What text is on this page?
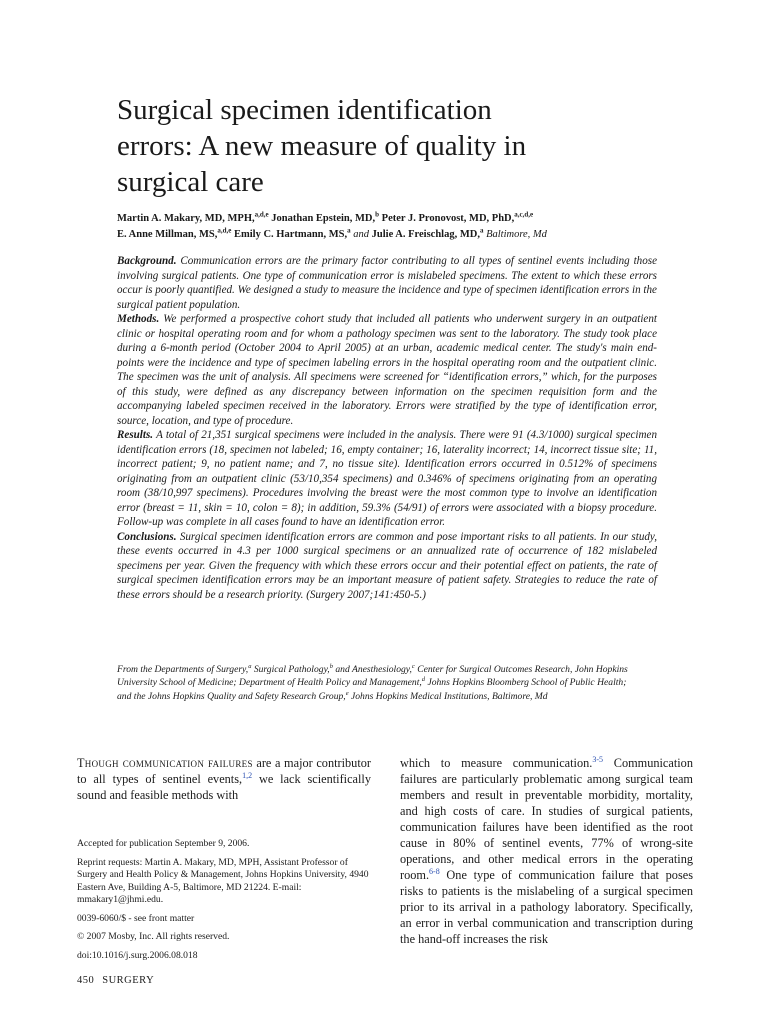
Surgical specimen identification
errors: A new measure of quality in
surgical care
Martin A. Makary, MD, MPH,$^{a,d,e}$ Jonathan Epstein, MD,$^b$ Peter J. Pronovost, MD, PhD,$^{a,c,d,e}$
E. Anne Millman, MS,$^{a,d,e}$ Emily C. Hartmann, MS,$^a$ and Julie A. Freischlag, MD,$^a$ Baltimore, Md

Background. Communication errors are the primary factor contributing to all types of sentinel events including those involving surgical patients. One type of communication error is mislabeled specimens. The extent to which these errors occur is poorly quantified. We designed a study to measure the incidence and type of specimen identification errors in the surgical patient population.

Methods. We performed a prospective cohort study that included all patients who underwent surgery in an outpatient clinic or hospital operating room and for whom a pathology specimen was sent to the laboratory. The study took place during a 6-month period (October 2004 to April 2005) at an urban, academic medical center. The study's main end-points were the incidence and type of specimen labeling errors in the hospital operating room and the outpatient clinic. The specimen was the unit of analysis. All specimens were screened for “identification errors,” which, for the purposes of this study, were defined as any discrepancy between information on the specimen requisition form and the accompanying labeled specimen received in the laboratory. Errors were stratified by the type of identification error, source, location, and type of procedure.

Results. A total of 21,351 surgical specimens were included in the analysis. There were 91 (4.3/1000) surgical specimen identification errors (18, specimen not labeled; 16, empty container; 16, laterality incorrect; 14, incorrect tissue site; 11, incorrect patient; 9, no patient name; and 7, no tissue site). Identification errors occurred in 0.512% of specimens originating from an outpatient clinic (53/10,354 specimens) and 0.346% of specimens originating from an operating room (38/10,997 specimens). Procedures involving the breast were the most common type to involve an identification error (breast = 11, skin = 10, colon = 8); in addition, 59.3% (54/91) of errors were associated with a biopsy procedure. Follow-up was complete in all cases found to have an identification error.

Conclusions. Surgical specimen identification errors are common and pose important risks to all patients. In our study, these events occurred in 4.3 per 1000 surgical specimens or an annualized rate of occurrence of 182 mislabeled specimens per year. Given the frequency with which these errors occur and their potential effect on patients, the rate of surgical specimen identification errors may be an important measure of patient safety. Strategies to reduce the rate of these errors should be a research priority. (Surgery 2007;141:450-5.)

From the Departments of Surgery,$^a$ Surgical Pathology,$^b$ and Anesthesiology,$^c$ Center for Surgical Outcomes Research, John Hopkins University School of Medicine; Department of Health Policy and Management,$^d$ Johns Hopkins Bloomberg School of Public Health; and the Johns Hopkins Quality and Safety Research Group,$^e$ Johns Hopkins Medical Institutions, Baltimore, Md
Though communication failures are a major contributor to all types of sentinel events,$^{1,2}$ we lack scientifically sound and feasible methods with

Accepted for publication September 9, 2006.

Reprint requests: Martin A. Makary, MD, MPH, Assistant Professor of Surgery and Health Policy & Management, Johns Hopkins University, 4940 Eastern Ave, Building A-5, Baltimore, MD 21224. E-mail: mmakary1@jhmi.edu.

0039-6060/$ - see front matter

© 2007 Mosby, Inc. All rights reserved.

doi:10.1016/j.surg.2006.08.018

450 SURGERY

which to measure communication.$^{3-5}$ Communication failures are particularly problematic among surgical team members and result in preventable morbidity, mortality, and high costs of care. In studies of surgical patients, communication failures have been identified as the root cause in 80% of sentinel events, 77% of wrong-site operations, and other medical errors in the operating room.$^{6-8}$ One type of communication failure that poses risks to patients is the mislabeling of a surgical specimen prior to its arrival in a pathology laboratory. Specifically, an error in verbal communication and transcription during the hand-off increases the risk
